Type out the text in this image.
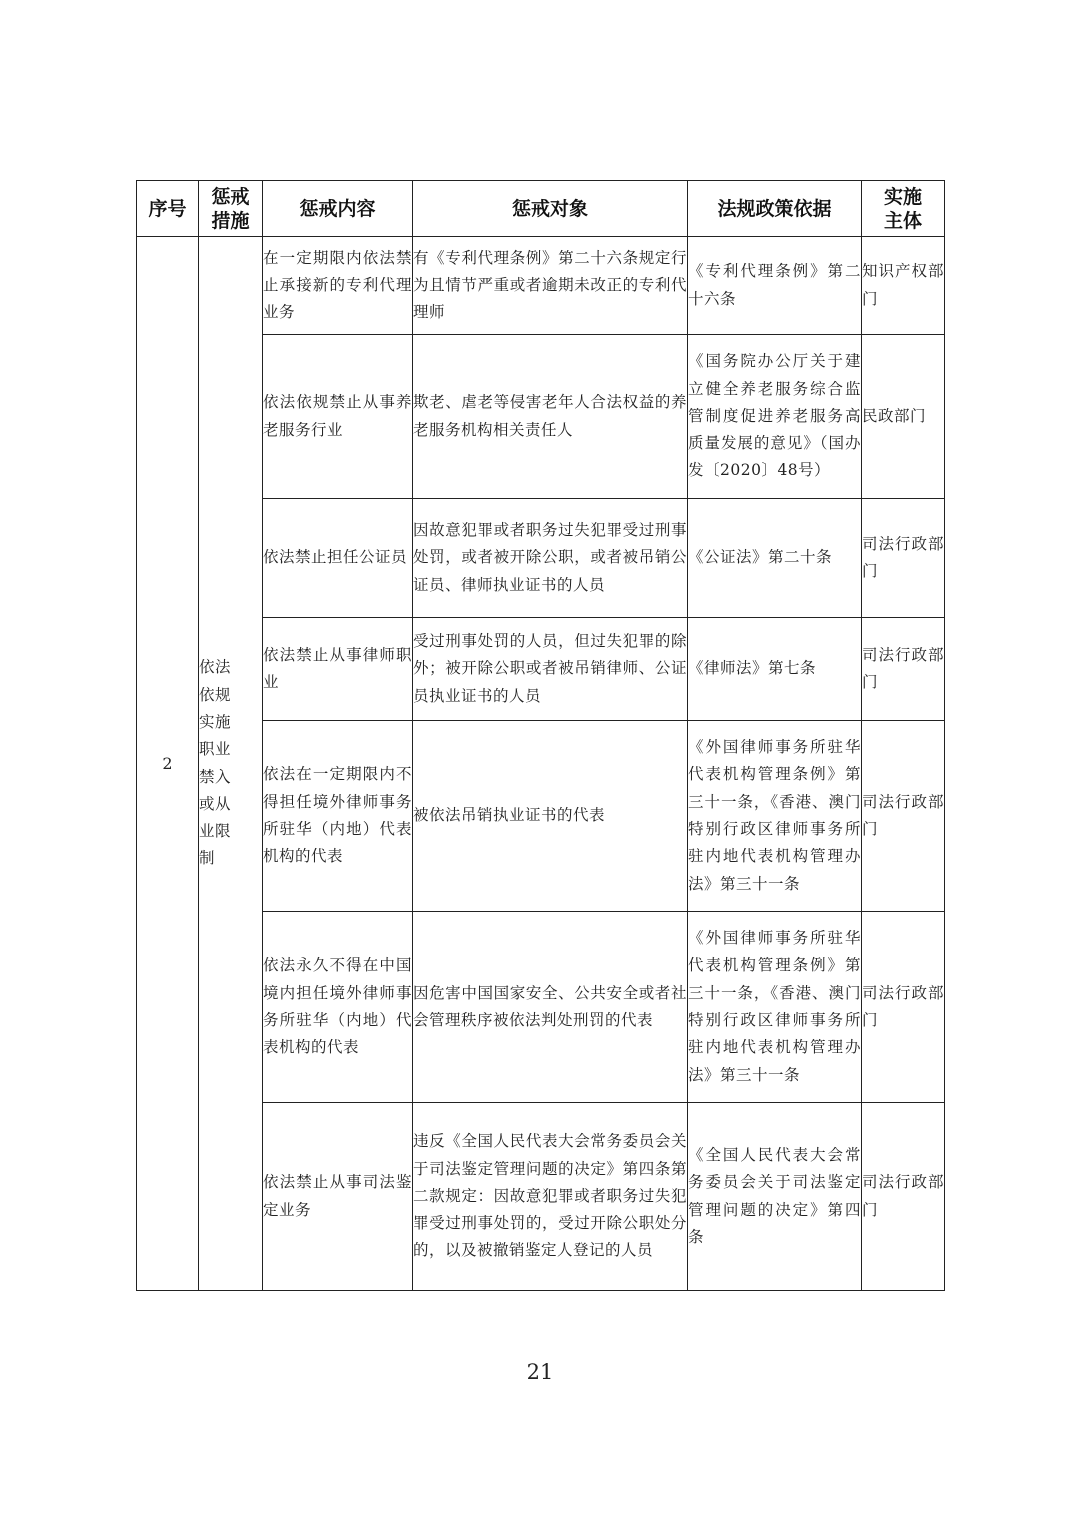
序号	惩戒措施	惩戒内容	惩戒对象	法规政策依据	实施主体

2	依法依规实施职业禁入或从业限制	在一定期限内依法禁止承接新的专利代理业务	有《专利代理条例》第二十六条规定行为且情节严重或者逾期未改正的专利代理师	《专利代理条例》第二十六条	知识产权部门
		依法依规禁止从事养老服务行业	欺老、虐老等侵害老年人合法权益的养老服务机构相关责任人	《国务院办公厅关于建立健全养老服务综合监管制度促进养老服务高质量发展的意见》（国办发〔2020〕48号）	民政部门
		依法禁止担任公证员	因故意犯罪或者职务过失犯罪受过刑事处罚，或者被开除公职，或者被吊销公证员、律师执业证书的人员	《公证法》第二十条	司法行政部门
		依法禁止从事律师职业	受过刑事处罚的人员，但过失犯罪的除外；被开除公职或者被吊销律师、公证员执业证书的人员	《律师法》第七条	司法行政部门
		依法在一定期限内不得担任境外律师事务所驻华（内地）代表机构的代表	被依法吊销执业证书的代表	《外国律师事务所驻华代表机构管理条例》第三十一条，《香港、澳门特别行政区律师事务所驻内地代表机构管理办法》第三十一条	司法行政部门
		依法永久不得在中国境内担任境外律师事务所驻华（内地）代表机构的代表	因危害中国国家安全、公共安全或者社会管理秩序被依法判处刑罚的代表	《外国律师事务所驻华代表机构管理条例》第三十一条，《香港、澳门特别行政区律师事务所驻内地代表机构管理办法》第三十一条	司法行政部门
		依法禁止从事司法鉴定业务	违反《全国人民代表大会常务委员会关于司法鉴定管理问题的决定》第四条第二款规定：因故意犯罪或者职务过失犯罪受过刑事处罚的，受过开除公职处分的，以及被撤销鉴定人登记的人员	《全国人民代表大会常务委员会关于司法鉴定管理问题的决定》第四条	司法行政部门
21
